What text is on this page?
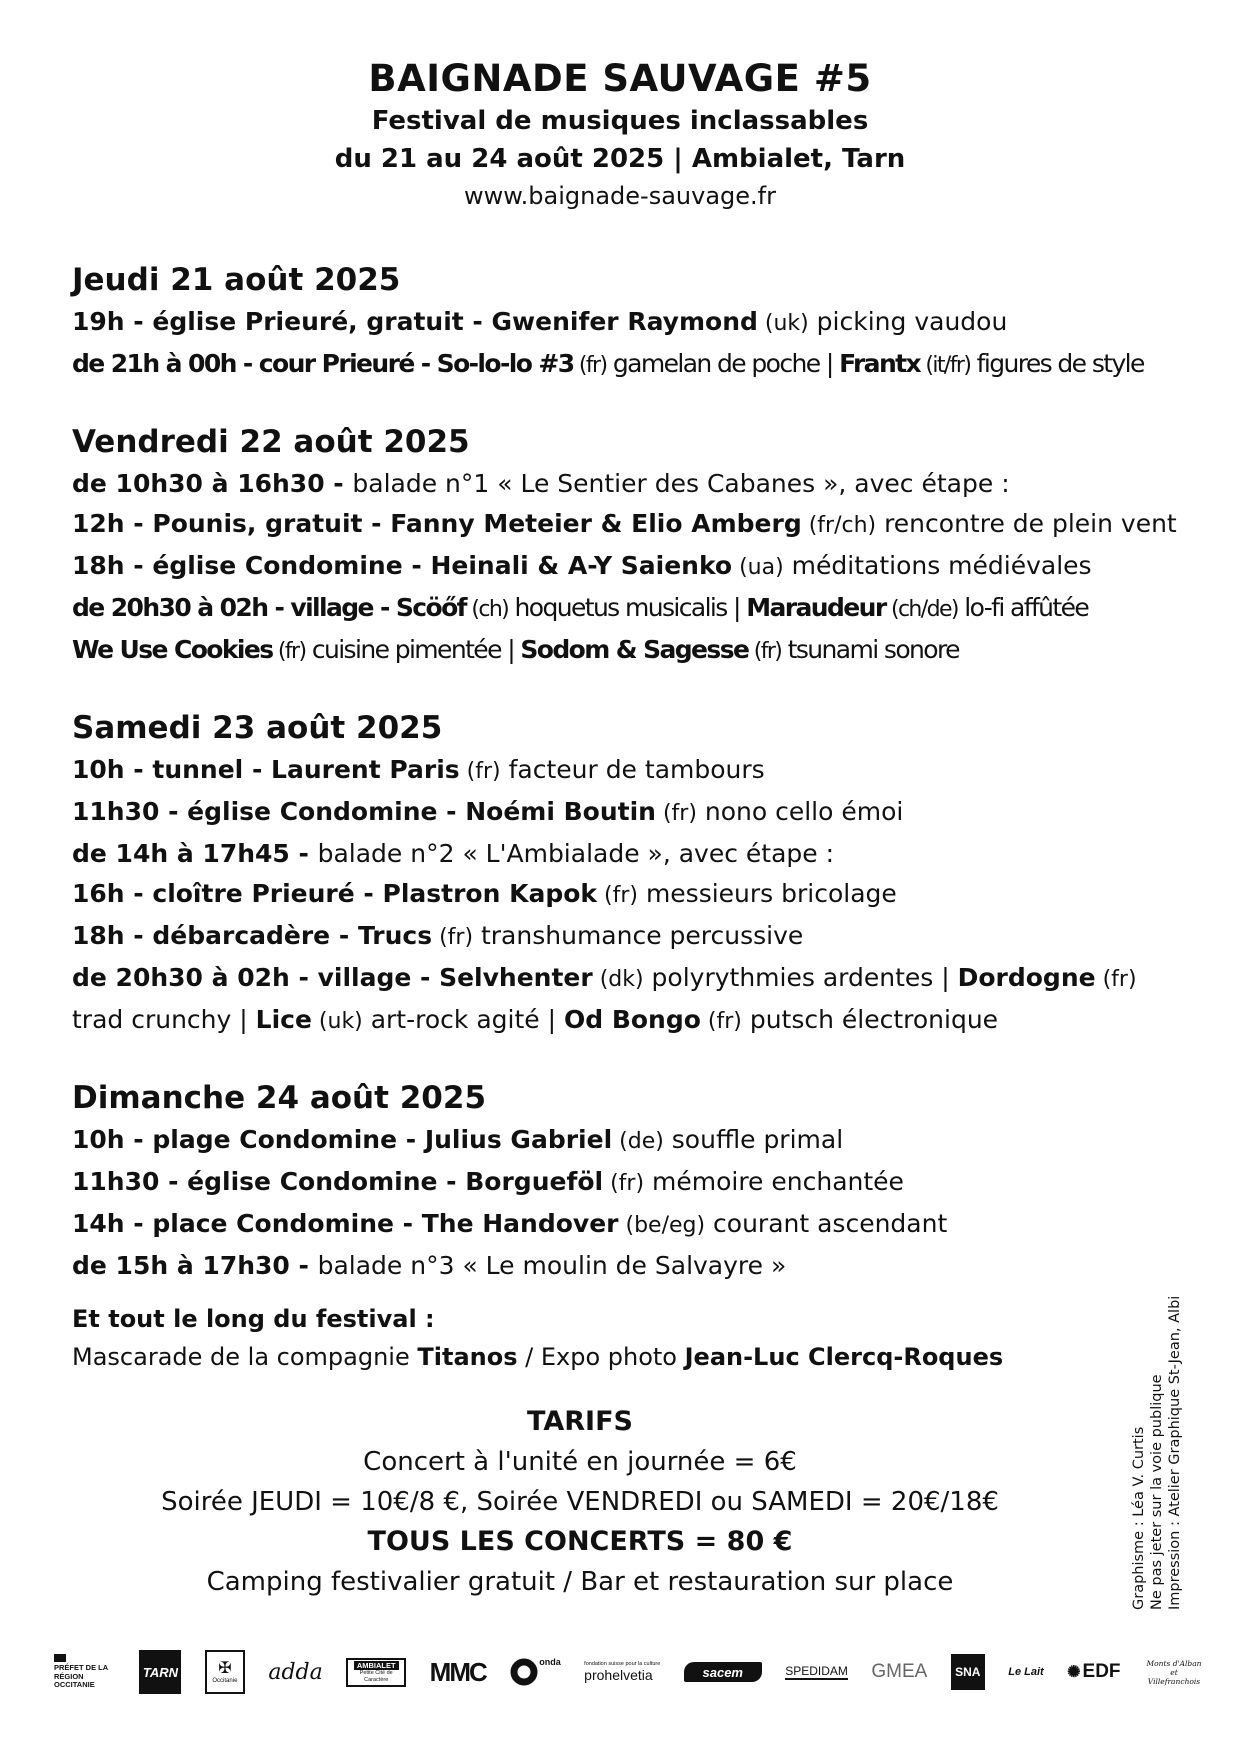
BAIGNADE SAUVAGE #5
Festival de musiques inclassables
du 21 au 24 août 2025 | Ambialet, Tarn
www.baignade-sauvage.fr
Jeudi 21 août 2025
19h - église Prieuré, gratuit - Gwenifer Raymond (uk) picking vaudou
de 21h à 00h - cour Prieuré - So-lo-lo #3 (fr) gamelan de poche | Frantx (it/fr) figures de style
Vendredi 22 août 2025
de 10h30 à 16h30 - balade n°1 « Le Sentier des Cabanes », avec étape :
12h - Pounis, gratuit - Fanny Meteier & Elio Amberg (fr/ch) rencontre de plein vent
18h - église Condomine - Heinali & A-Y Saienko (ua) méditations médiévales
de 20h30 à 02h - village - Scöőf (ch) hoquetus musicalis | Maraudeur (ch/de) lo-fi affûtée
We Use Cookies (fr) cuisine pimentée | Sodom & Sagesse (fr) tsunami sonore
Samedi 23 août 2025
10h - tunnel - Laurent Paris (fr) facteur de tambours
11h30 - église Condomine - Noémi Boutin (fr) nono cello émoi
de 14h à 17h45 - balade n°2 « L'Ambialade », avec étape :
16h - cloître Prieuré - Plastron Kapok (fr) messieurs bricolage
18h - débarcadère - Trucs (fr) transhumance percussive
de 20h30 à 02h - village - Selvhenter (dk) polyrythmies ardentes | Dordogne (fr)
trad crunchy | Lice (uk) art-rock agité | Od Bongo (fr) putsch électronique
Dimanche 24 août 2025
10h - plage Condomine - Julius Gabriel (de) souffle primal
11h30 - église Condomine - Borgueföl (fr) mémoire enchantée
14h - place Condomine - The Handover (be/eg) courant ascendant
de 15h à 17h30 - balade n°3 « Le moulin de Salvayre »
Et tout le long du festival :
Mascarade de la compagnie Titanos / Expo photo Jean-Luc Clercq-Roques
TARIFS
Concert à l'unité en journée = 6€
Soirée JEUDI = 10€/8 €, Soirée VENDREDI ou SAMEDI = 20€/18€
TOUS LES CONCERTS = 80 €
Camping festivalier gratuit / Bar et restauration sur place	Graphisme : Léa V. Curtis Ne pas jeter sur la voie publique Impression : Atelier Graphique St-Jean, Albi
PRÉFET DE LA RÉGION OCCITANIE
TARN	✠
Occitanie adda	AMBIALET
Petite Cité de Caractère	MMC	onda	fondation suisse pour la culture
prohelvetia	sacem	SPEDIDAM GMEA SNA	Le Lait ✺ EDF	Monts d'Alban et Villefranchois
